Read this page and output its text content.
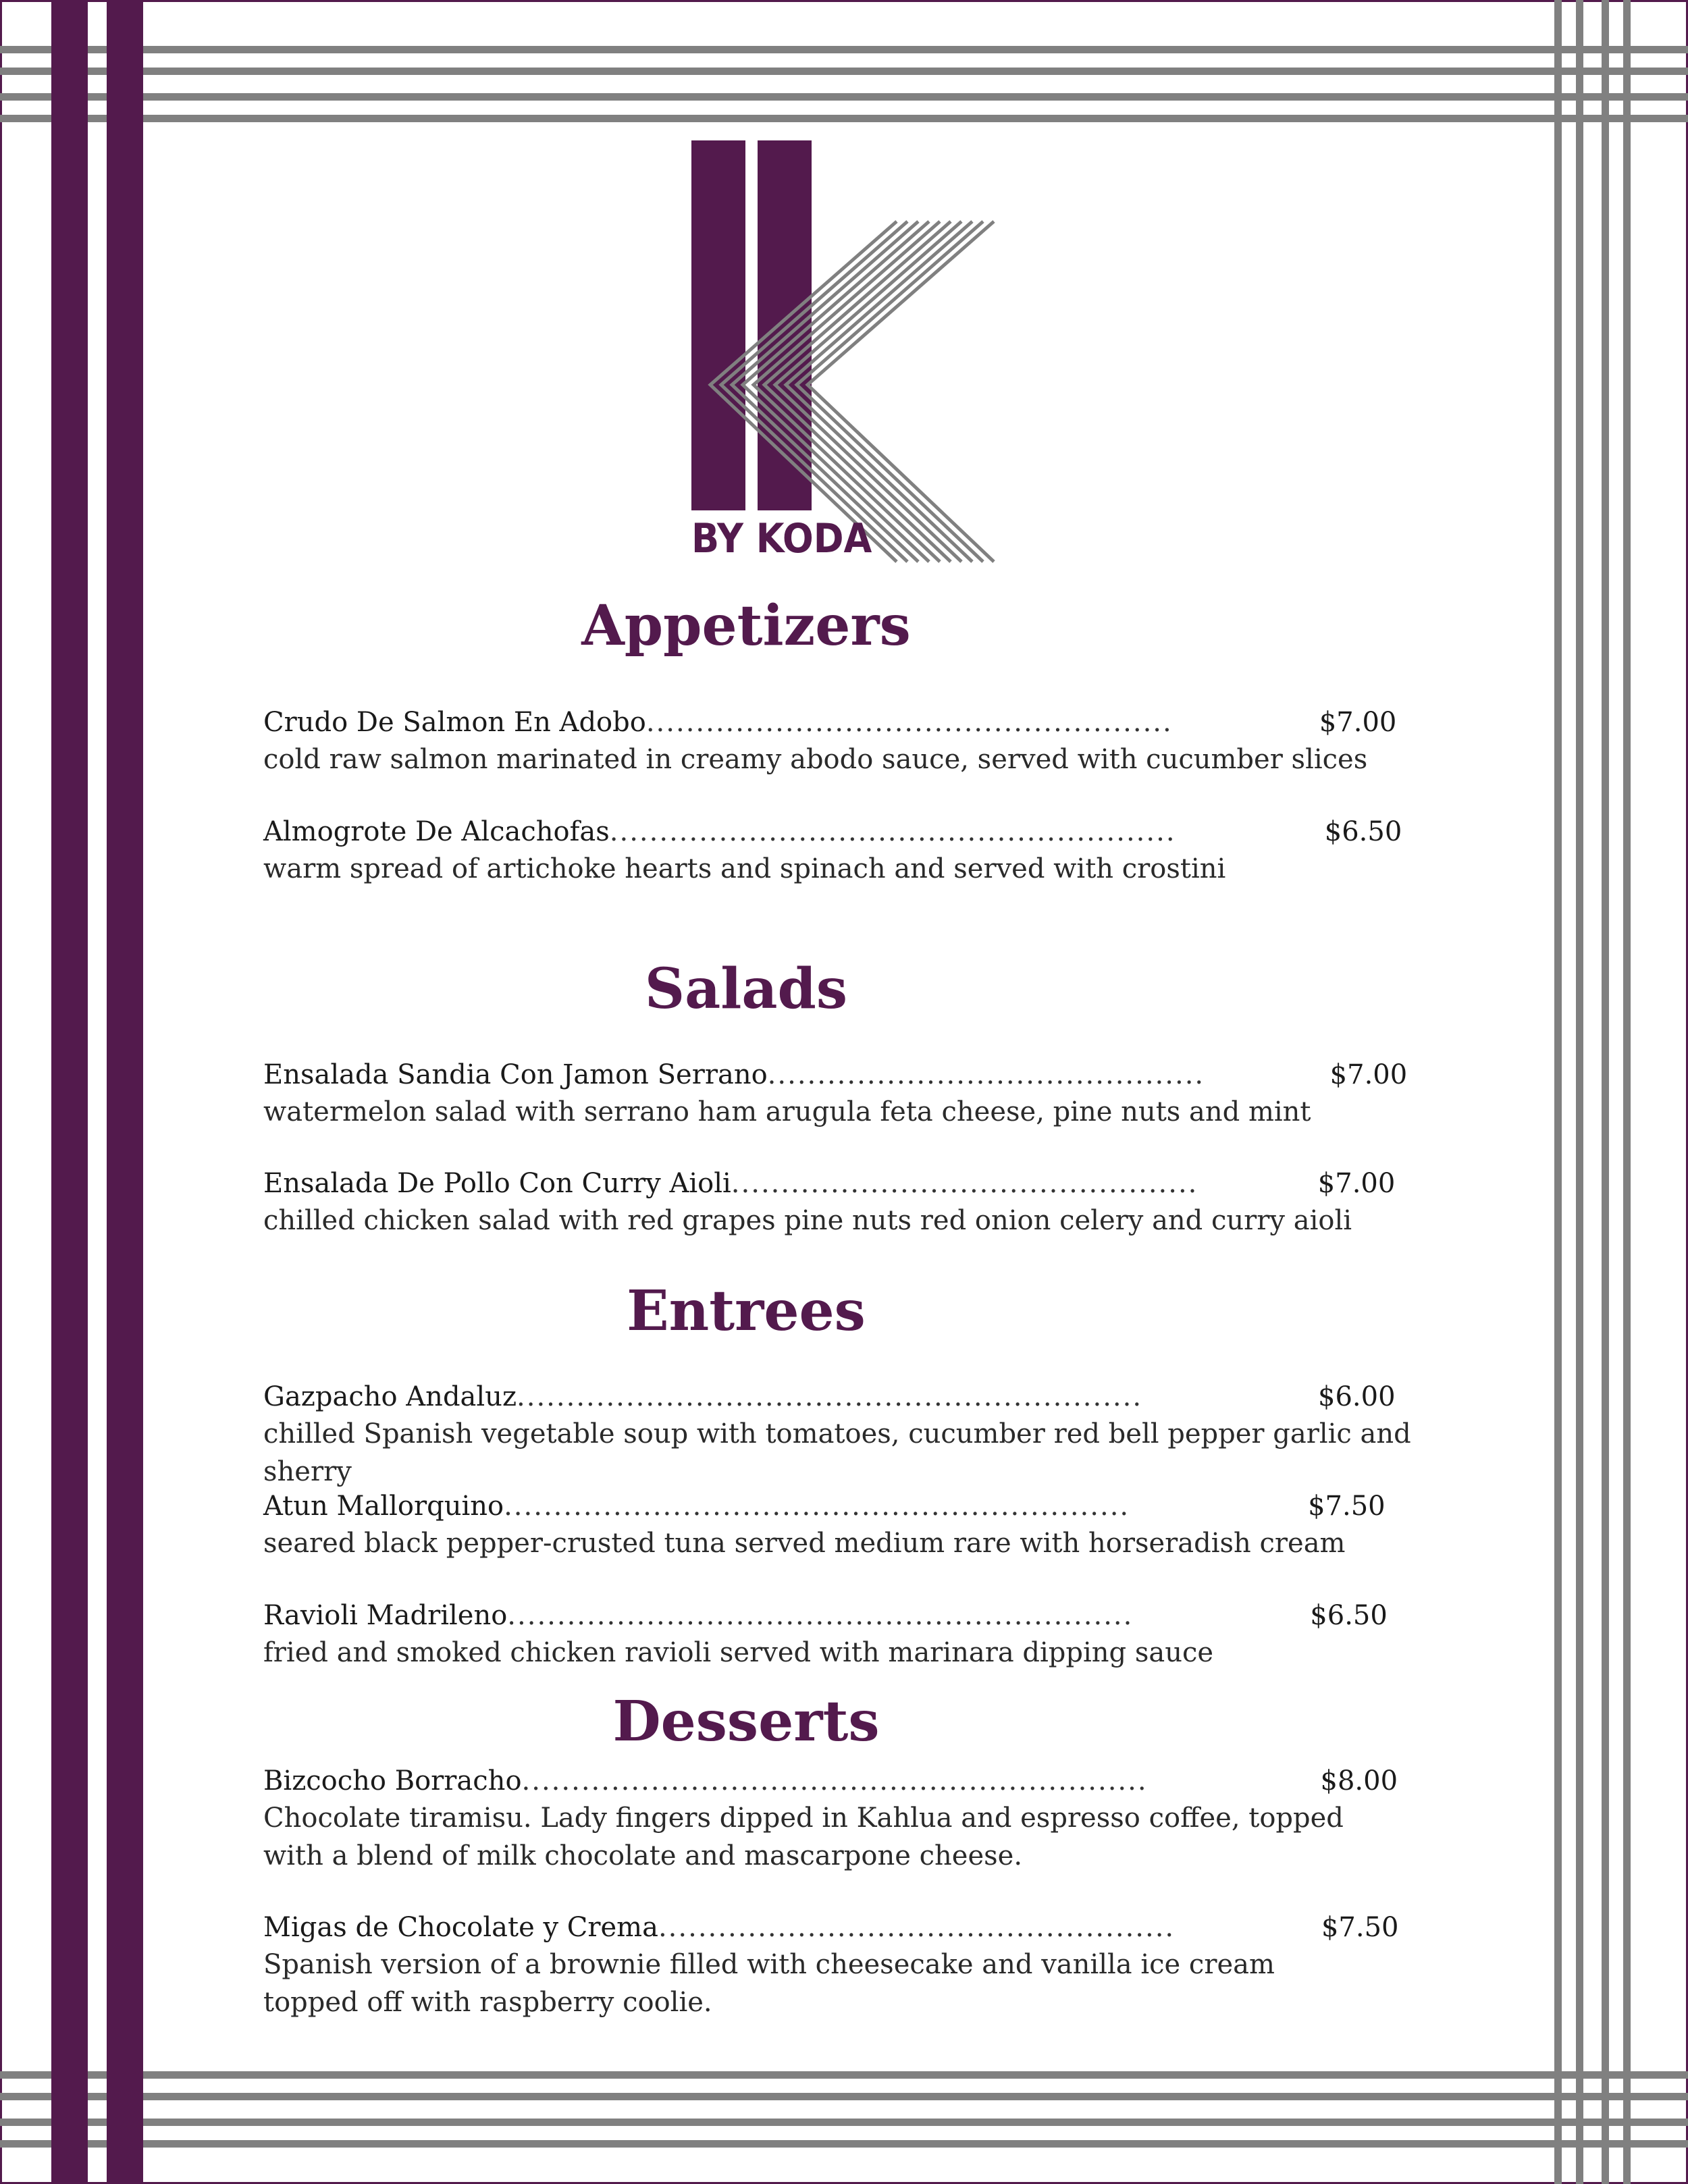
BY KODA
Appetizers
Crudo De Salmon En Adobo .....................................................	$7.00

cold raw salmon marinated in creamy abodo sauce, served with cucumber slices

Almogrote De Alcachofas .........................................................	$6.50

warm spread of artichoke hearts and spinach and served with crostini

Salads
Ensalada Sandia Con Jamon Serrano ............................................	$7.00

watermelon salad with serrano ham arugula feta cheese, pine nuts and mint

Ensalada De Pollo Con Curry Aioli ...............................................	$7.00

chilled chicken salad with red grapes pine nuts red onion celery and curry aioli

Entrees
Gazpacho Andaluz ...............................................................	$6.00

chilled Spanish vegetable soup with tomatoes, cucumber red bell pepper garlic and sherry

Atun Mallorquino ...............................................................	$7.50

seared black pepper-crusted tuna served medium rare with horseradish cream

Ravioli Madrileno ...............................................................	$6.50

fried and smoked chicken ravioli served with marinara dipping sauce

Desserts
Bizcocho Borracho ...............................................................	$8.00

Chocolate tiramisu. Lady fingers dipped in Kahlua and espresso coffee, topped with a blend of milk chocolate and mascarpone cheese.

Migas de Chocolate y Crema ....................................................	$7.50

Spanish version of a brownie filled with cheesecake and vanilla ice cream topped off with raspberry coolie.
